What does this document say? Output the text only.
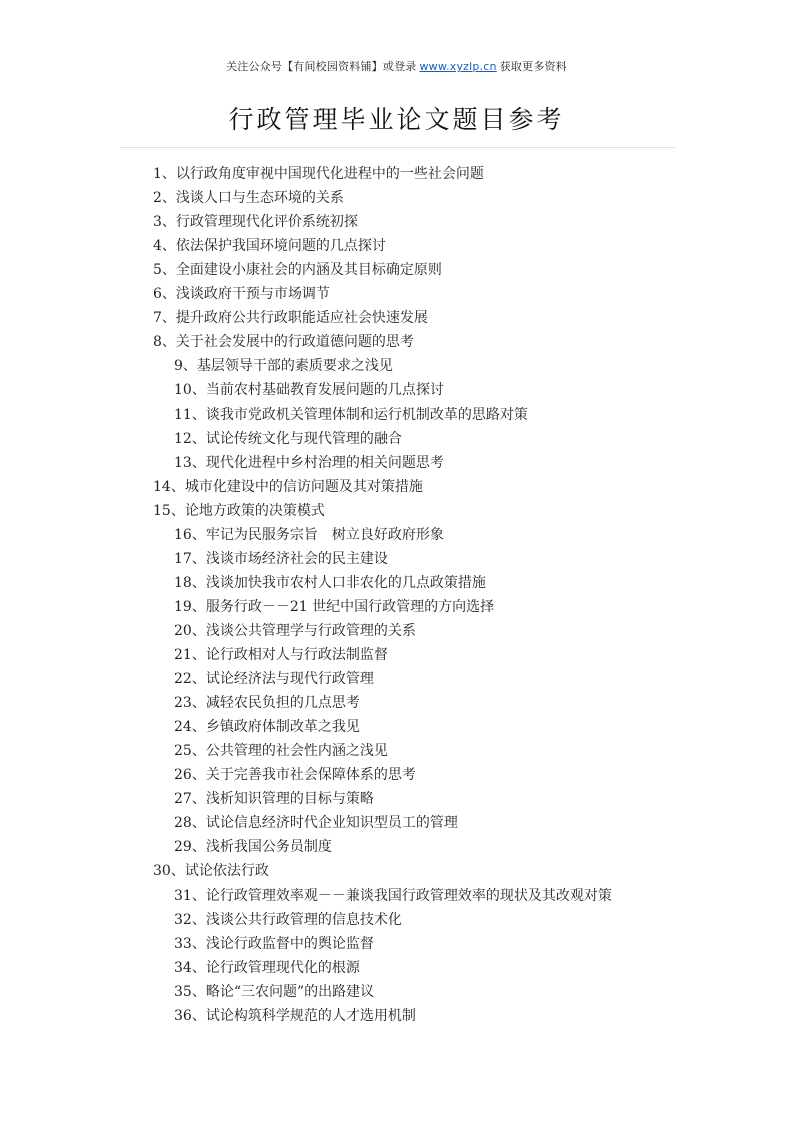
关注公众号【有间校园资料铺】或登录 www.xyzlp.cn 获取更多资料
行政管理毕业论文题目参考
1、以行政角度审视中国现代化进程中的一些社会问题
2、浅谈人口与生态环境的关系
3、行政管理现代化评价系统初探
4、依法保护我国环境问题的几点探讨
5、全面建设小康社会的内涵及其目标确定原则
6、浅谈政府干预与市场调节
7、提升政府公共行政职能适应社会快速发展
8、关于社会发展中的行政道德问题的思考
9、基层领导干部的素质要求之浅见
10、当前农村基础教育发展问题的几点探讨
11、谈我市党政机关管理体制和运行机制改革的思路对策
12、试论传统文化与现代管理的融合
13、现代化进程中乡村治理的相关问题思考
14、城市化建设中的信访问题及其对策措施
15、论地方政策的决策模式
16、牢记为民服务宗旨　树立良好政府形象
17、浅谈市场经济社会的民主建设
18、浅谈加快我市农村人口非农化的几点政策措施
19、服务行政－－21 世纪中国行政管理的方向选择
20、浅谈公共管理学与行政管理的关系
21、论行政相对人与行政法制监督
22、试论经济法与现代行政管理
23、减轻农民负担的几点思考
24、乡镇政府体制改革之我见
25、公共管理的社会性内涵之浅见
26、关于完善我市社会保障体系的思考
27、浅析知识管理的目标与策略
28、试论信息经济时代企业知识型员工的管理
29、浅析我国公务员制度
30、试论依法行政
31、论行政管理效率观－－兼谈我国行政管理效率的现状及其改观对策
32、浅谈公共行政管理的信息技术化
33、浅论行政监督中的舆论监督
34、论行政管理现代化的根源
35、略论“三农问题”的出路建议
36、试论构筑科学规范的人才选用机制
